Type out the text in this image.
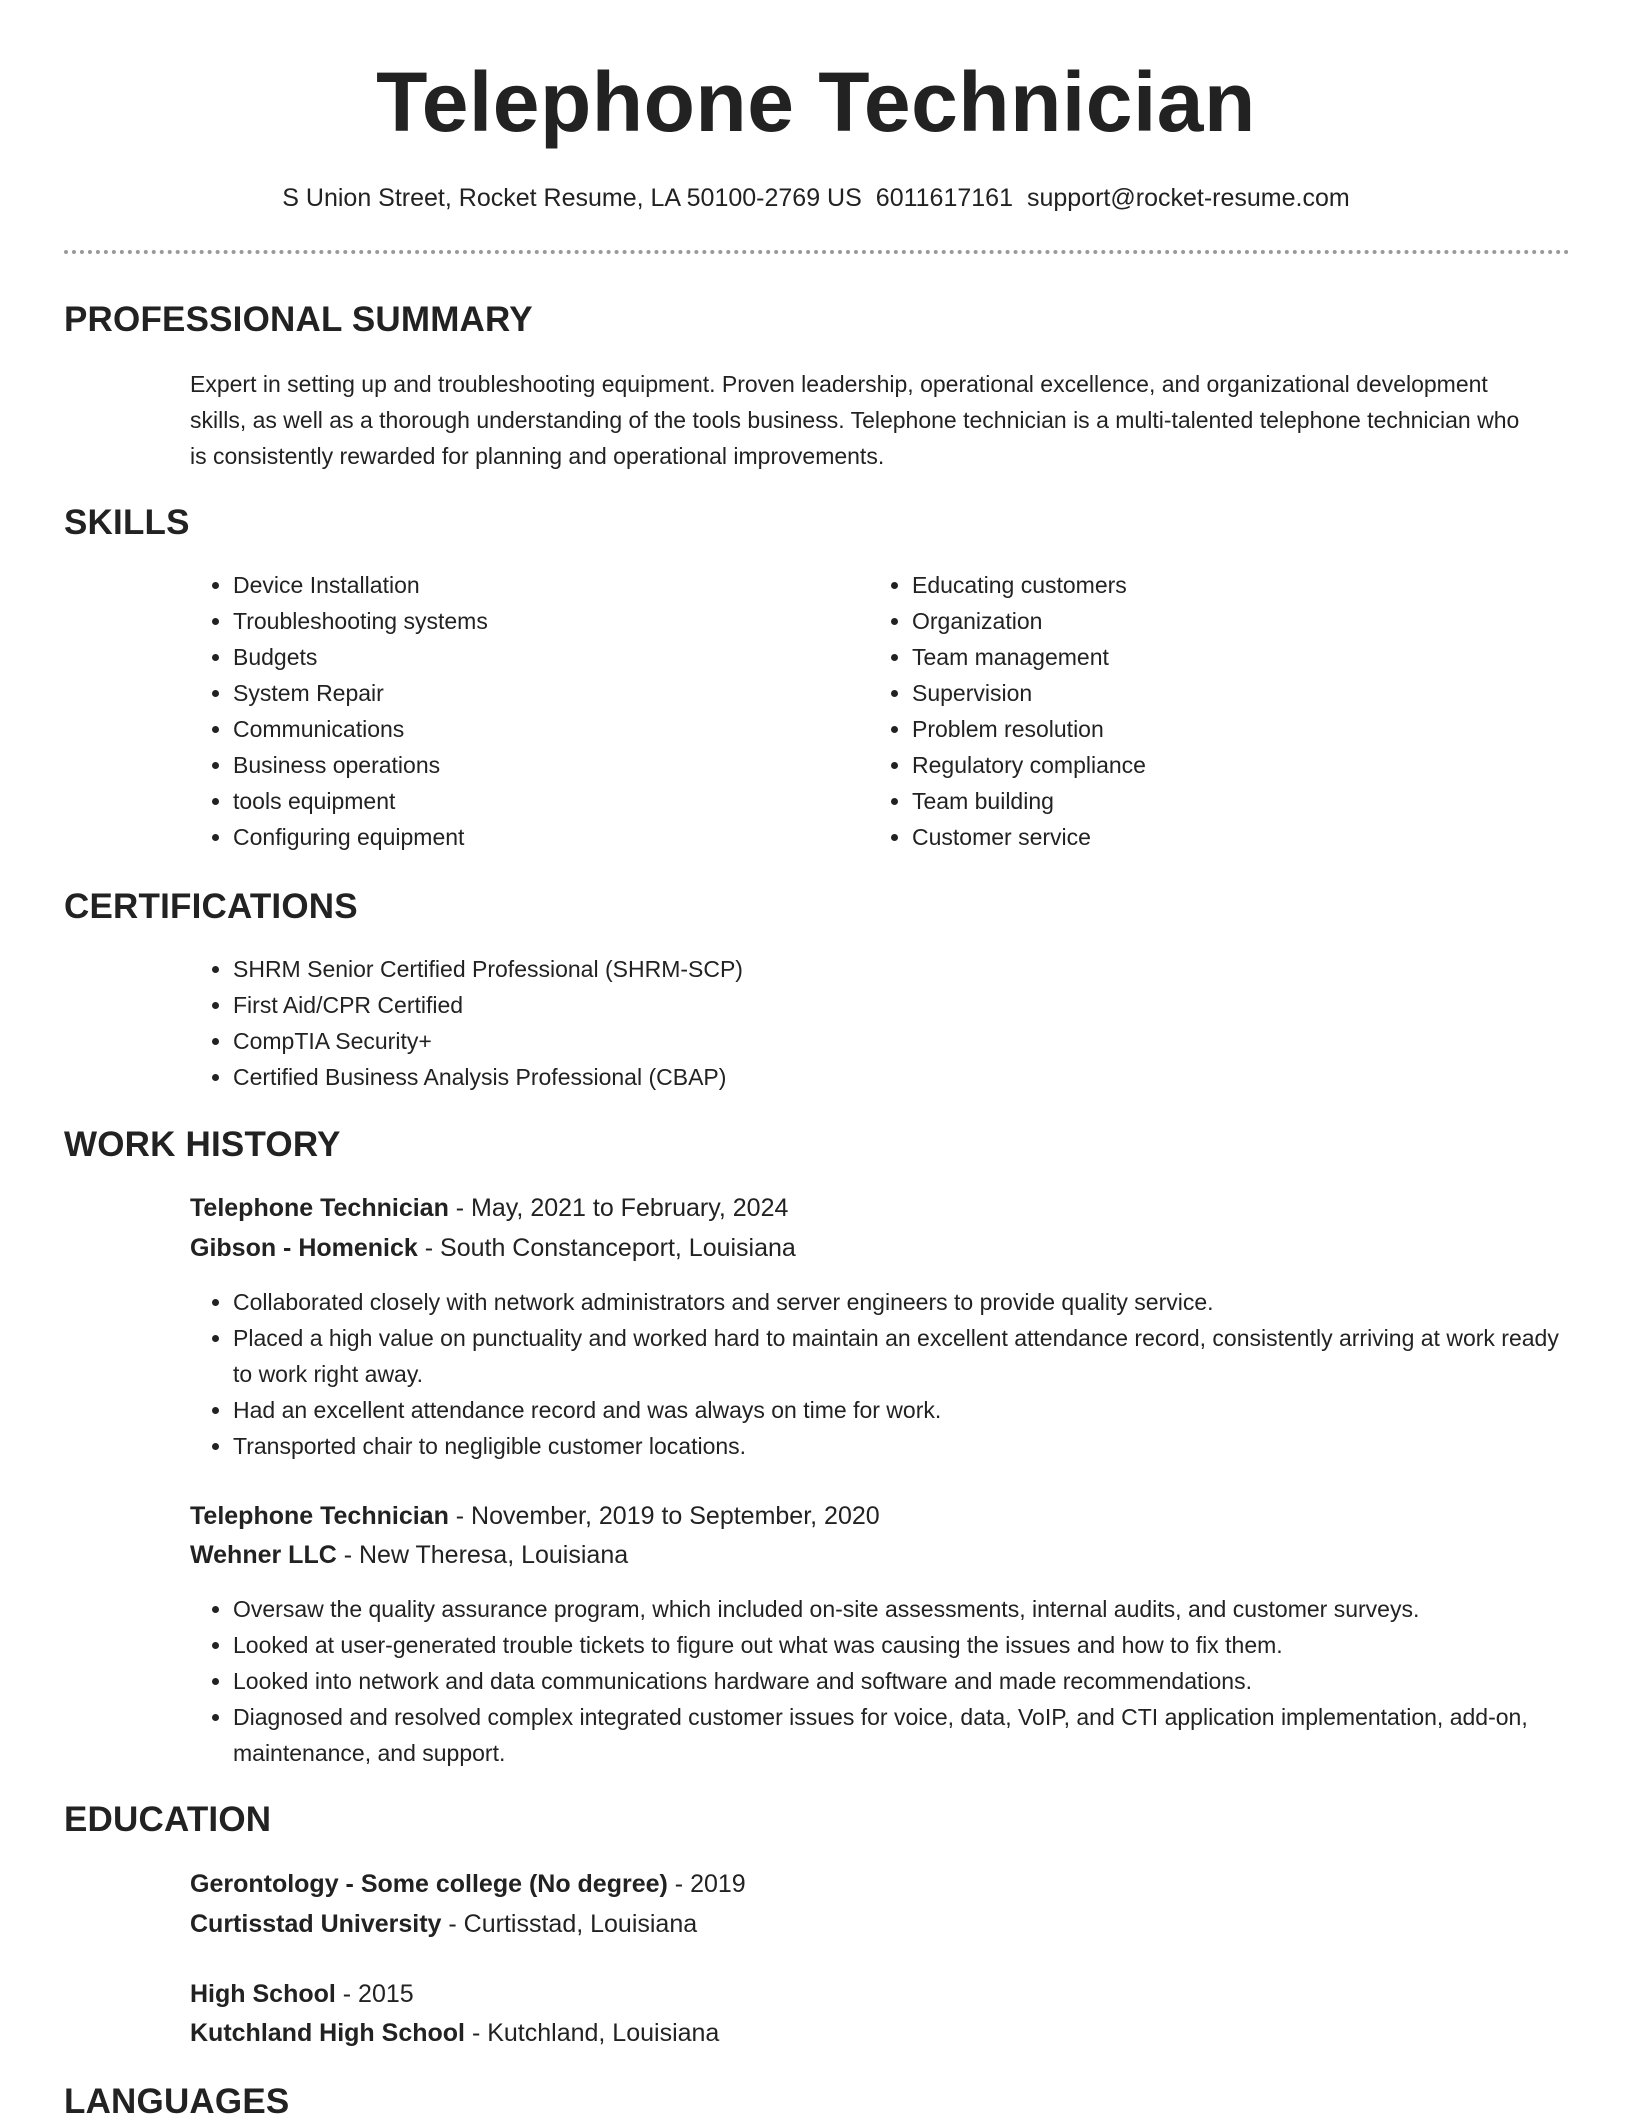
Telephone Technician
S Union Street, Rocket Resume, LA 50100-2769 US 6011617161 support@rocket-resume.com
PROFESSIONAL SUMMARY

Expert in setting up and troubleshooting equipment. Proven leadership, operational excellence, and organizational development skills, as well as a thorough understanding of the tools business. Telephone technician is a multi-talented telephone technician who is consistently rewarded for planning and operational improvements.

SKILLS
• Device Installation
• Troubleshooting systems
• Budgets
• System Repair
• Communications
• Business operations
• tools equipment
• Configuring equipment
• Educating customers
• Organization
• Team management
• Supervision
• Problem resolution
• Regulatory compliance
• Team building
• Customer service
CERTIFICATIONS
• SHRM Senior Certified Professional (SHRM-SCP)
• First Aid/CPR Certified
• CompTIA Security+
• Certified Business Analysis Professional (CBAP)
WORK HISTORY
Telephone Technician - May, 2021 to February, 2024
Gibson - Homenick - South Constanceport, Louisiana
• Collaborated closely with network administrators and server engineers to provide quality service.
• Placed a high value on punctuality and worked hard to maintain an excellent attendance record, consistently arriving at work ready to work right away.
• Had an excellent attendance record and was always on time for work.
• Transported chair to negligible customer locations.
Telephone Technician - November, 2019 to September, 2020
Wehner LLC - New Theresa, Louisiana
• Oversaw the quality assurance program, which included on-site assessments, internal audits, and customer surveys.
• Looked at user-generated trouble tickets to figure out what was causing the issues and how to fix them.
• Looked into network and data communications hardware and software and made recommendations.
• Diagnosed and resolved complex integrated customer issues for voice, data, VoIP, and CTI application implementation, add-on, maintenance, and support.
EDUCATION
Gerontology - Some college (No degree) - 2019
Curtisstad University - Curtisstad, Louisiana
High School - 2015
Kutchland High School - Kutchland, Louisiana
LANGUAGES
